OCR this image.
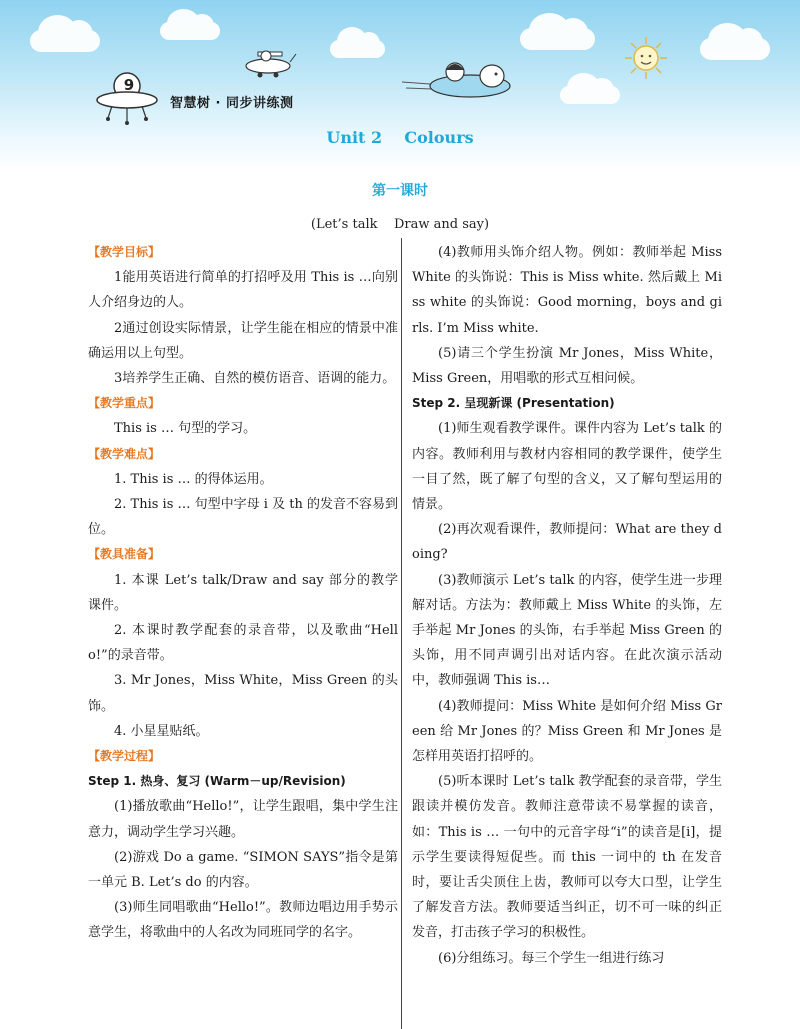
9
智慧树 · 同步讲练测
Unit 2    Colours
第一课时
(Let’s talk    Draw and say)

【教学目标】

1能用英语进行简单的打招呼及用 This is …向别人介绍身边的人。

2通过创设实际情景，让学生能在相应的情景中准确运用以上句型。

3培养学生正确、自然的模仿语音、语调的能力。

【教学重点】

This is … 句型的学习。

【教学难点】

1. This is … 的得体运用。

2. This is … 句型中字母 i 及 th 的发音不容易到位。

【教具准备】

1. 本课 Let’s talk/Draw and say 部分的教学课件。

2. 本课时教学配套的录音带，以及歌曲“Hello!”的录音带。

3. Mr Jones，Miss White，Miss Green 的头饰。

4. 小星星贴纸。

【教学过程】

Step 1. 热身、复习 (Warm－up/Revision)

(1)播放歌曲“Hello!”，让学生跟唱，集中学生注意力，调动学生学习兴趣。

(2)游戏 Do a game. “SIMON SAYS”指令是第一单元 B. Let’s do 的内容。

(3)师生同唱歌曲“Hello!”。教师边唱边用手势示意学生，将歌曲中的人名改为同班同学的名字。

(4)教师用头饰介绍人物。例如：教师举起 Miss White 的头饰说：This is Miss white. 然后戴上 Miss white 的头饰说：Good morning，boys and girls. I’m Miss white.

(5)请三个学生扮演 Mr Jones，Miss White，Miss Green，用唱歌的形式互相问候。

Step 2. 呈现新课 (Presentation)

(1)师生观看教学课件。课件内容为 Let’s talk 的内容。教师利用与教材内容相同的教学课件，使学生一目了然，既了解了句型的含义，又了解句型运用的情景。

(2)再次观看课件，教师提问：What are they doing?

(3)教师演示 Let’s talk 的内容，使学生进一步理解对话。方法为：教师戴上 Miss White 的头饰，左手举起 Mr Jones 的头饰，右手举起 Miss Green 的头饰，用不同声调引出对话内容。在此次演示活动中，教师强调 This is…

(4)教师提问：Miss White 是如何介绍 Miss Green 给 Mr Jones 的？Miss Green 和 Mr Jones 是怎样用英语打招呼的。

(5)听本课时 Let’s talk 教学配套的录音带，学生跟读并模仿发音。教师注意带读不易掌握的读音，如：This is … 一句中的元音字母“i”的读音是[i]，提示学生要读得短促些。而 this 一词中的 th 在发音时，要让舌尖顶住上齿，教师可以夸大口型，让学生了解发音方法。教师要适当纠正，切不可一味的纠正发音，打击孩子学习的积极性。

(6)分组练习。每三个学生一组进行练习
